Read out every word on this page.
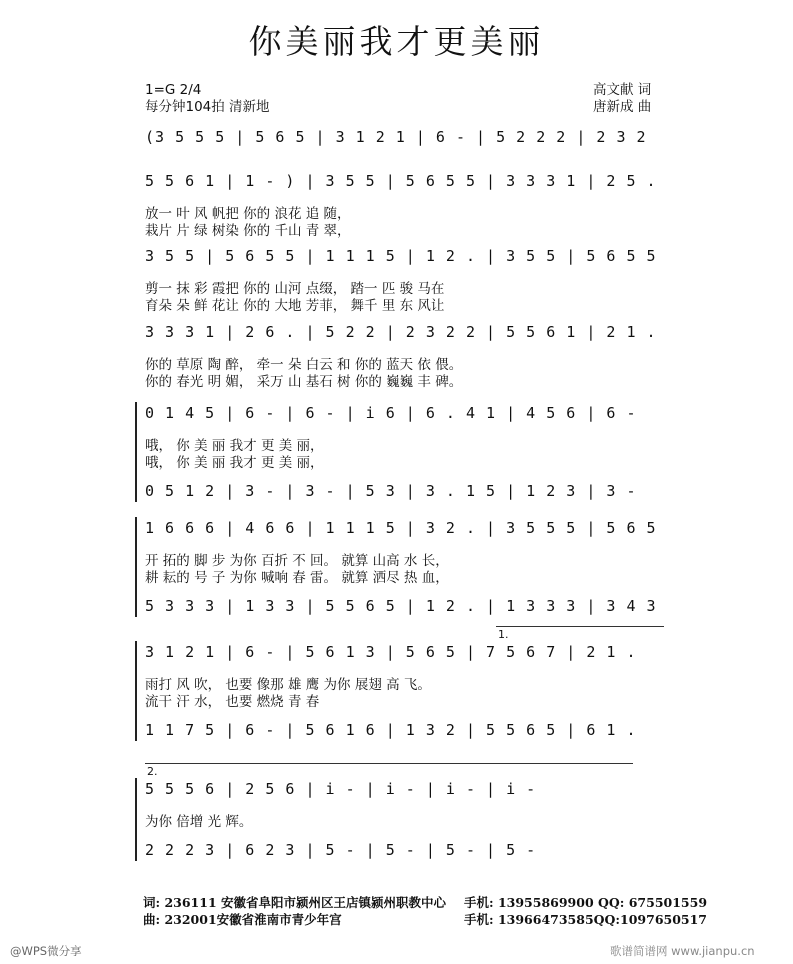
你美丽我才更美丽
1=G 2/4
每分钟104拍 清新地
高文献 词
唐新成 曲
(3 5 5 5 | 5 6 5 | 3 1 2 1 | 6 - | 5 2 2 2 | 2 3 2
5 5 6 1 | 1 - ) | 3 5 5 | 5 6 5 5 | 3 3 3 1 | 2 5 .
放一 叶 风 帆把 你的 浪花 追 随，
栽片 片 绿 树染 你的 千山 青 翠，
3 5 5 | 5 6 5 5 | 1 1 1 5 | 1 2 . | 3 5 5 | 5 6 5 5
剪一 抹 彩 霞把 你的 山河 点缀， 踏一 匹 骏 马在
育朵 朵 鲜 花让 你的 大地 芳菲， 舞千 里 东 风让
3 3 3 1 | 2 6 . | 5 2 2 | 2 3 2 2 | 5 5 6 1 | 2 1 .
你的 草原 陶 醉， 牵一 朵 白云 和 你的 蓝天 依 偎。
你的 春光 明 媚， 采万 山 基石 树 你的 巍巍 丰 碑。
0 1 4 5 | 6 - | 6 - | i 6 | 6 . 4 1 | 4 5 6 | 6 -
哦， 你 美 丽 我才 更 美 丽，
哦， 你 美 丽 我才 更 美 丽，
0 5 1 2 | 3 - | 3 - | 5 3 | 3 . 1 5 | 1 2 3 | 3 -
1 6 6 6 | 4 6 6 | 1 1 1 5 | 3 2 . | 3 5 5 5 | 5 6 5
开 拓的 脚 步 为你 百折 不 回。 就算 山高 水 长，
耕 耘的 号 子 为你 喊响 春 雷。 就算 洒尽 热 血，
5 3 3 3 | 1 3 3 | 5 5 6 5 | 1 2 . | 1 3 3 3 | 3 4 3
3 1 2 1 | 6 - | 5 6 1 3 | 5 6 5 | 7 5 6 7 | 2 1 .
雨打 风 吹， 也要 像那 雄 鹰 为你 展翅 高 飞。
流干 汗 水， 也要 燃烧 青 春
1 1 7 5 | 6 - | 5 6 1 6 | 1 3 2 | 5 5 6 5 | 6 1 .
1.
5 5 5 6 | 2 5 6 | i - | i - | i - | i -
为你 倍增 光 辉。
2 2 2 3 | 6 2 3 | 5 - | 5 - | 5 - | 5 -
2.
词: 236111 安徽省阜阳市颍州区王店镇颍州职教中心 手机: 13955869900 QQ: 675501559
曲: 232001安徽省淮南市青少年宫	手机: 13966473585QQ:1097650517
@WPS微分享	歌谱简谱网 www.jianpu.cn
